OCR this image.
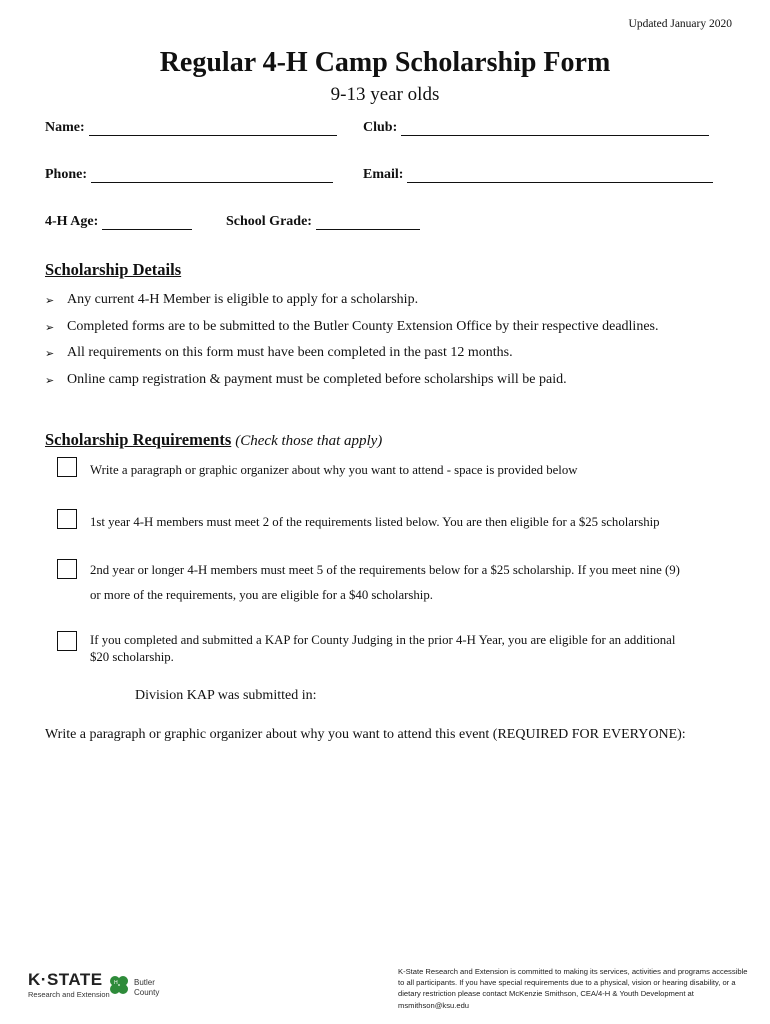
Updated January 2020
Regular 4-H Camp Scholarship Form
9-13 year olds
Name:	Club:
Phone:	Email:
4-H Age:	School Grade:
Scholarship Details
➢ Any current 4-H Member is eligible to apply for a scholarship.
➢ Completed forms are to be submitted to the Butler County Extension Office by their respective deadlines.
➢ All requirements on this form must have been completed in the past 12 months.
➢ Online camp registration & payment must be completed before scholarships will be paid.
Scholarship Requirements (Check those that apply)
Write a paragraph or graphic organizer about why you want to attend - space is provided below
1st year 4-H members must meet 2 of the requirements listed below. You are then eligible for a $25 scholarship
2nd year or longer 4-H members must meet 5 of the requirements below for a $25 scholarship. If you meet nine (9)
or more of the requirements, you are eligible for a $40 scholarship.
If you completed and submitted a KAP for County Judging in the prior 4-H Year, you are eligible for an additional
$20 scholarship.
Division KAP was submitted in:
Write a paragraph or graphic organizer about why you want to attend this event (REQUIRED FOR EVERYONE):
K·STATE
Research and Extension
H Butler
County
K-State Research and Extension is committed to making its services, activities and programs accessible
to all participants. If you have special requirements due to a physical, vision or hearing disability, or a
dietary restriction please contact McKenzie Smithson, CEA/4-H & Youth Development at
msmithson@ksu.edu
